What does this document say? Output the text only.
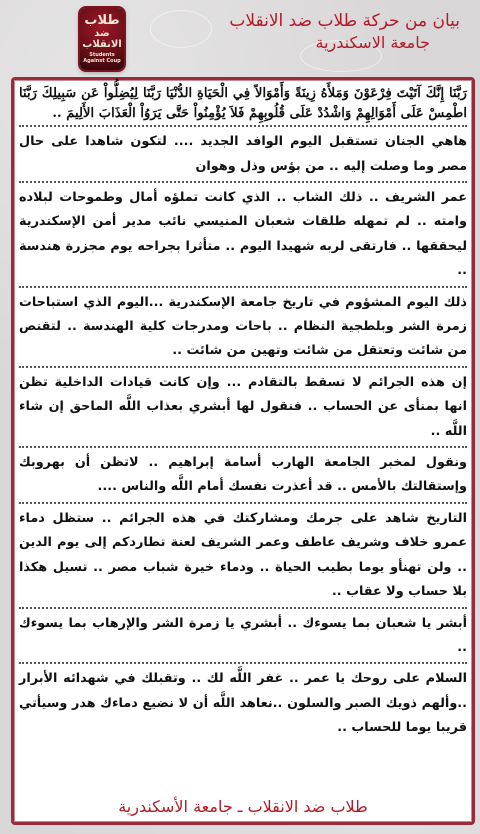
طلاب
ضد الانقلاب
Students Against Coup
بيان من حركة طلاب ضد الانقلاب
جامعة الاسكندرية

رَبَّنَا إِنَّكَ آتَيْتَ فِرْعَوْنَ وَمَلأَهُ زِينَةً وَأَمْوَالاً فِي الْحَيَاةِ الدُّنْيَا رَبَّنَا لِيُضِلُّواْ عَن سَبِيلِكَ رَبَّنَا اطْمِسْ عَلَى أَمْوَالِهِمْ وَاشْدُدْ عَلَى قُلُوبِهِمْ فَلاَ يُؤْمِنُواْ حَتَّى يَرَوُاْ الْعَذَابَ الأَلِيمَ ..

هاهي الجنان تستقبل اليوم الوافد الجديد .... لتكون شاهدا على حال مصر وما وصلت إليه .. من بؤس وذل وهوان

عمر الشريف .. ذلك الشاب .. الذي كانت تملؤه أمال وطموحات لبلاده وامته .. لم تمهله طلقات شعبان المنيسي نائب مدير أمن الإسكندرية ليحققها .. فارتقى لربه شهيدا اليوم .. متأثرا بجراحه يوم مجزرة هندسة ..

ذلك اليوم المشؤوم في تاريخ جامعة الإسكندرية ...اليوم الذي استباحات زمرة الشر وبلطجية النظام .. باحات ومدرجات كلية الهندسة .. لتقنص من شائت وتعتقل من شائت وتهين من شائت ..

إن هذه الجرائم لا تسقط بالتقادم ... وإن كانت قيادات الداخلية تظن انها بمنأى عن الحساب .. فنقول لها أبشري بعذاب اللَّه الماحق إن شاء اللَّه ..

ونقول لمخبر الجامعة الهارب أسامة إبراهيم .. لاتظن أن بهروبك وإستقالتك بالأمس .. قد أعذرت نفسك أمام اللَّه والناس ....

التاريخ شاهد على جرمك ومشاركتك في هذه الجرائم .. ستظل دماء عمرو خلاف وشريف عاطف وعمر الشريف لعنة تطاردكم إلى يوم الدين .. ولن تهنأو يوما بطيب الحياة .. ودماء خيرة شباب مصر .. تسيل هكذا بلا حساب ولا عقاب ..

أبشر يا شعبان بما يسوءك .. أبشري يا زمرة الشر والإرهاب بما يسوءك ..

السلام على روحك يا عمر .. غفر اللَّه لك .. وتقبلك في شهدائه الأبرار ..وألهم ذويك الصبر والسلون ..نعاهد اللَّه أن لا نضيع دماءك هدر وسيأتي قريبا يوما للحساب ..

طلاب ضد الانقلاب ـ جامعة الأسكندرية
